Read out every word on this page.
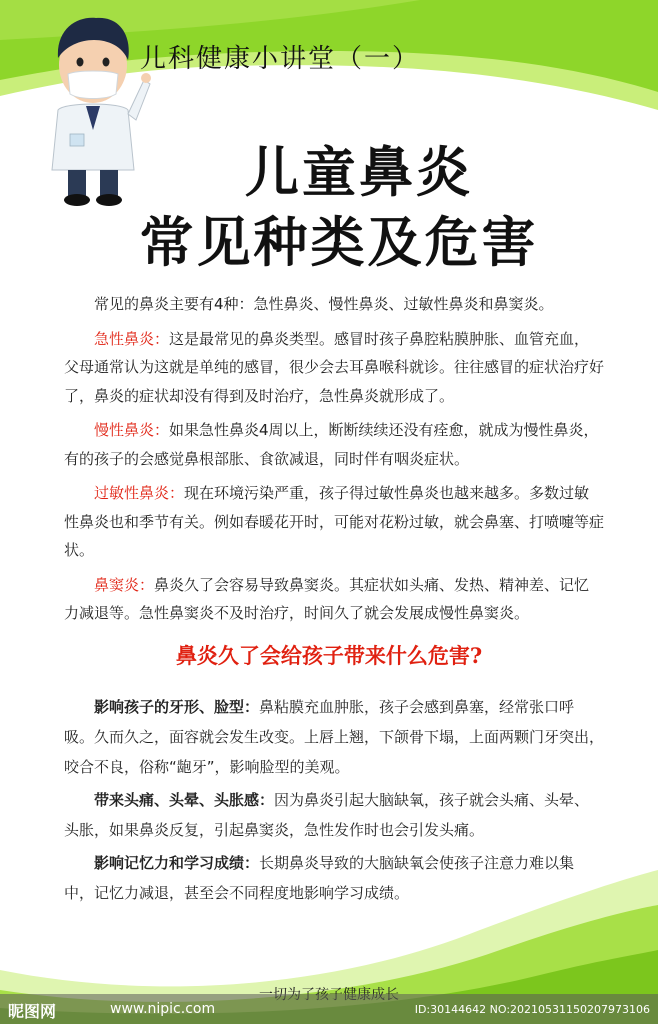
儿科健康小讲堂（一）
儿童鼻炎
常见种类及危害

常见的鼻炎主要有4种：急性鼻炎、慢性鼻炎、过敏性鼻炎和鼻窦炎。

急性鼻炎：这是最常见的鼻炎类型。感冒时孩子鼻腔粘膜肿胀、血管充血，父母通常认为这就是单纯的感冒，很少会去耳鼻喉科就诊。往往感冒的症状治疗好了，鼻炎的症状却没有得到及时治疗，急性鼻炎就形成了。

慢性鼻炎：如果急性鼻炎4周以上，断断续续还没有痊愈，就成为慢性鼻炎，有的孩子的会感觉鼻根部胀、食欲减退，同时伴有咽炎症状。

过敏性鼻炎：现在环境污染严重，孩子得过敏性鼻炎也越来越多。多数过敏性鼻炎也和季节有关。例如春暖花开时，可能对花粉过敏，就会鼻塞、打喷嚏等症状。

鼻窦炎：鼻炎久了会容易导致鼻窦炎。其症状如头痛、发热、精神差、记忆力减退等。急性鼻窦炎不及时治疗，时间久了就会发展成慢性鼻窦炎。

鼻炎久了会给孩子带来什么危害?

影响孩子的牙形、脸型：鼻粘膜充血肿胀，孩子会感到鼻塞，经常张口呼吸。久而久之，面容就会发生改变。上唇上翘，下颌骨下塌，上面两颗门牙突出，咬合不良，俗称“龅牙”，影响脸型的美观。

带来头痛、头晕、头胀感：因为鼻炎引起大脑缺氧，孩子就会头痛、头晕、头胀，如果鼻炎反复，引起鼻窦炎，急性发作时也会引发头痛。

影响记忆力和学习成绩：长期鼻炎导致的大脑缺氧会使孩子注意力难以集中，记忆力减退，甚至会不同程度地影响学习成绩。

昵图网	www.nipic.com	ID:30144642 NO:20210531150207973106
